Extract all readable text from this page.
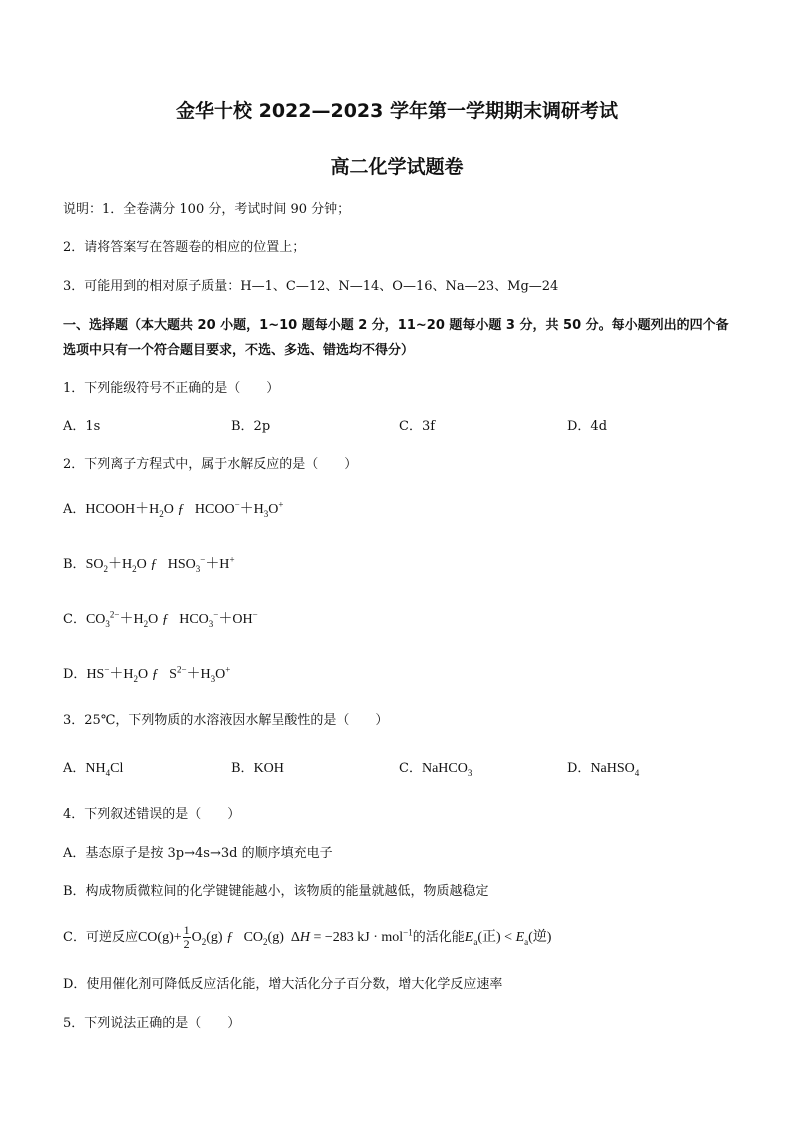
金华十校 2022—2023 学年第一学期期末调研考试
高二化学试题卷
说明：1．全卷满分 100 分，考试时间 90 分钟；
2．请将答案写在答题卷的相应的位置上；
3．可能用到的相对原子质量：H—1、C—12、N—14、O—16、Na—23、Mg—24
一、选择题（本大题共 20 小题，1~10 题每小题 2 分，11~20 题每小题 3 分，共 50 分。每小题列出的四个备
选项中只有一个符合题目要求，不选、多选、错选均不得分）
1．下列能级符号不正确的是（　　）
A．1s	B．2p	C．3f	D．4d
2．下列离子方程式中，属于水解反应的是（　　）
A．$HCOOH+H_2O$ ƒ   $HCOO^-+H_3O^+$
B．$SO_2+H_2O$ ƒ   $HSO_3^-+H^+$
C．$CO_3^{2-}+H_2O$ ƒ   $HCO_3^-+OH^-$
D．$HS^-+H_2O$ ƒ   $S^{2-}+H_3O^+$
3．25℃，下列物质的水溶液因水解呈酸性的是（　　）
A．$NH_4Cl$	B．KOH	C．NaHCO$_3$	D．NaHSO$_4$
4．下列叙述错误的是（　　）
A．基态原子是按 3p→4s→3d 的顺序填充电子
B．构成物质微粒间的化学键键能越小，该物质的能量就越低，物质越稳定
C．可逆反应$CO(g)+ \frac{1}{2} O_2(g)$ ƒ   $CO_2(g) \Delta H = -283$ kJ · mol$^{-1}$的活化能$E_a$(正) < $E_a$(逆)
D．使用催化剂可降低反应活化能，增大活化分子百分数，增大化学反应速率
5．下列说法正确的是（　　）
